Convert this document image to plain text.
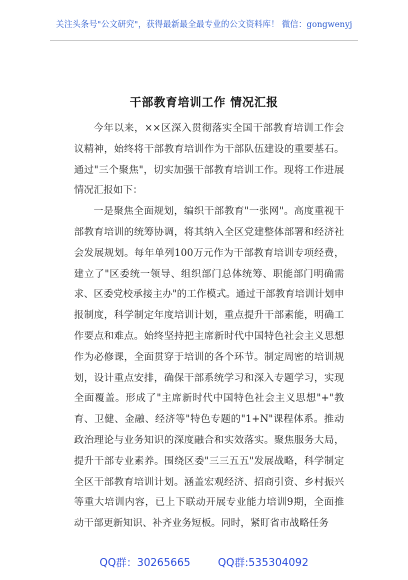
关注头条号"公文研究"，获得最新最全最专业的公文资料库！ 微信：gongwenyj
干部教育培训工作 情况汇报

今年以来，××区深入贯彻落实全国干部教育培训工作会议精神，始终将干部教育培训作为干部队伍建设的重要基石。通过"三个聚焦"，切实加强干部教育培训工作。现将工作进展情况汇报如下：

一是聚焦全面规划，编织干部教育"一张网"。高度重视干部教育培训的统筹协调，将其纳入全区党建整体部署和经济社会发展规划。每年单列100万元作为干部教育培训专项经费，建立了"区委统一领导、组织部门总体统筹、职能部门明确需求、区委党校承接主办"的工作模式。通过干部教育培训计划申报制度，科学制定年度培训计划，重点提升干部素能，明确工作要点和难点。始终坚持把主席新时代中国特色社会主义思想作为必修课，全面贯穿于培训的各个环节。制定周密的培训规划，设计重点安排，确保干部系统学习和深入专题学习，实现全面覆盖。形成了"主席新时代中国特色社会主义思想"+"教育、卫健、金融、经济等"特色专题的"1+N"课程体系。推动政治理论与业务知识的深度融合和实效落实。聚焦服务大局，提升干部专业素养。围绕区委"三三五五"发展战略，科学制定全区干部教育培训计划。涵盖宏观经济、招商引资、乡村振兴等重大培训内容，已上下联动开展专业能力培训9期，全面推动干部更新知识、补齐业务短板。同时，紧盯省市战略任务

QQ群：30265665	QQ群:535304092
